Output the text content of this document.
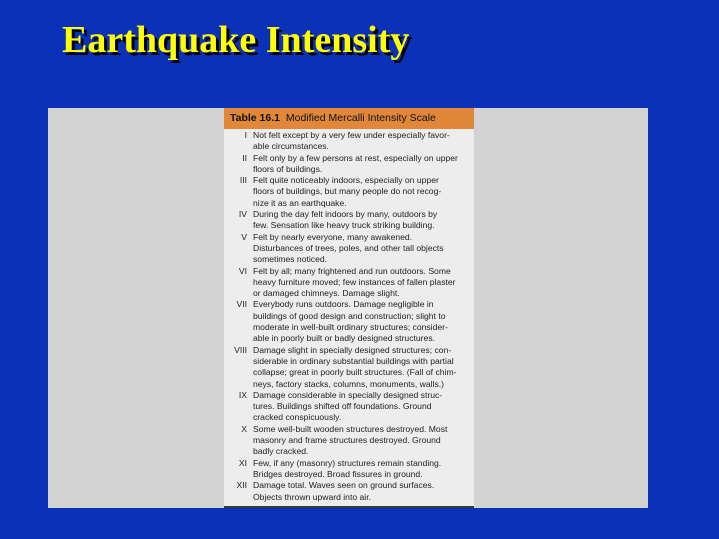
Earthquake Intensity
Table 16.1 Modified Mercalli Intensity Scale
I Not felt except by a very few under especially favor-
able circumstances.
II Felt only by a few persons at rest, especially on upper
floors of buildings.
III Felt quite noticeably indoors, especially on upper
floors of buildings, but many people do not recog-
nize it as an earthquake.
IV During the day felt indoors by many, outdoors by
few. Sensation like heavy truck striking building.
V Felt by nearly everyone, many awakened.
Disturbances of trees, poles, and other tall objects
sometimes noticed.
VI Felt by all; many frightened and run outdoors. Some
heavy furniture moved; few instances of fallen plaster
or damaged chimneys. Damage slight.
VII Everybody runs outdoors. Damage negligible in
buildings of good design and construction; slight to
moderate in well-built ordinary structures; consider-
able in poorly built or badly designed structures.
VIII Damage slight in specially designed structures; con-
siderable in ordinary substantial buildings with partial
collapse; great in poorly built structures. (Fall of chim-
neys, factory stacks, columns, monuments, walls.)
IX Damage considerable in specially designed struc-
tures. Buildings shifted off foundations. Ground
cracked conspicuously.
X Some well-built wooden structures destroyed. Most
masonry and frame structures destroyed. Ground
badly cracked.
XI Few, if any (masonry) structures remain standing.
Bridges destroyed. Broad fissures in ground.
XII Damage total. Waves seen on ground surfaces.
Objects thrown upward into air.
